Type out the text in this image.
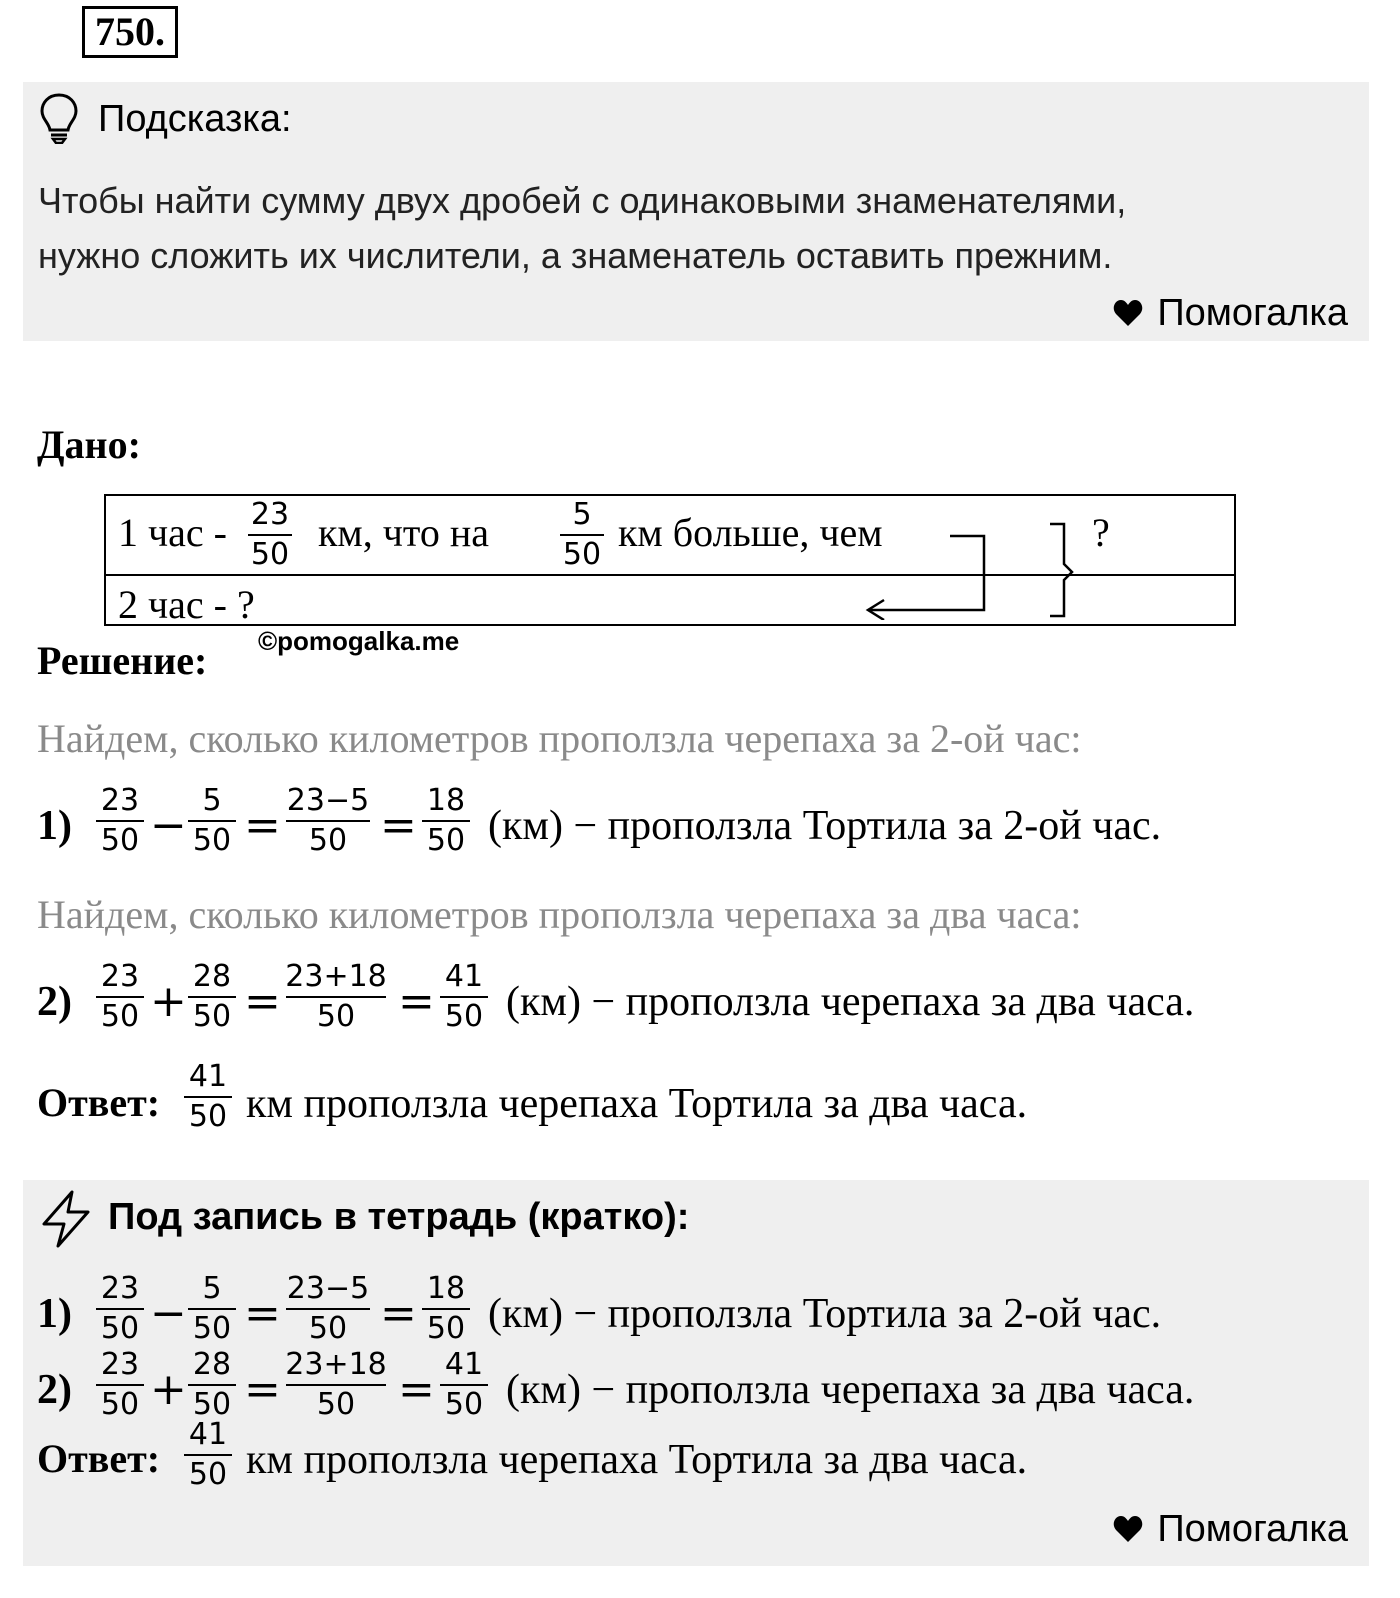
750.
Подсказка:
Чтобы найти сумму двух дробей с одинаковыми знаменателями,
нужно сложить их числители, а знаменатель оставить прежним.
Помогалка
Дано:
1 час - 23
50 км, что на	5
50 км больше, чем
2 час - ?
?
©pomogalka.me
Решение:
Найдем, сколько километров проползла черепаха за 2-ой час:
1)
23
50 − 5
50 = 23−5
50 = 18
50 (км) − проползла Тортила за 2-ой час.
Найдем, сколько километров проползла черепаха за два часа:
2)
23
50 + 28
50 = 23+18
50 = 41
50 (км) − проползла черепаха за два часа.
Ответ:
41
50 км проползла черепаха Тортила за два часа.
Под запись в тетрадь (кратко):
1)
23
50 − 5
50 = 23−5
50 = 18
50 (км) − проползла Тортила за 2-ой час.
2)
23
50 + 28
50 = 23+18
50 = 41
50 (км) − проползла черепаха за два часа.
Ответ:
41
50 км проползла черепаха Тортила за два часа.
Помогалка
